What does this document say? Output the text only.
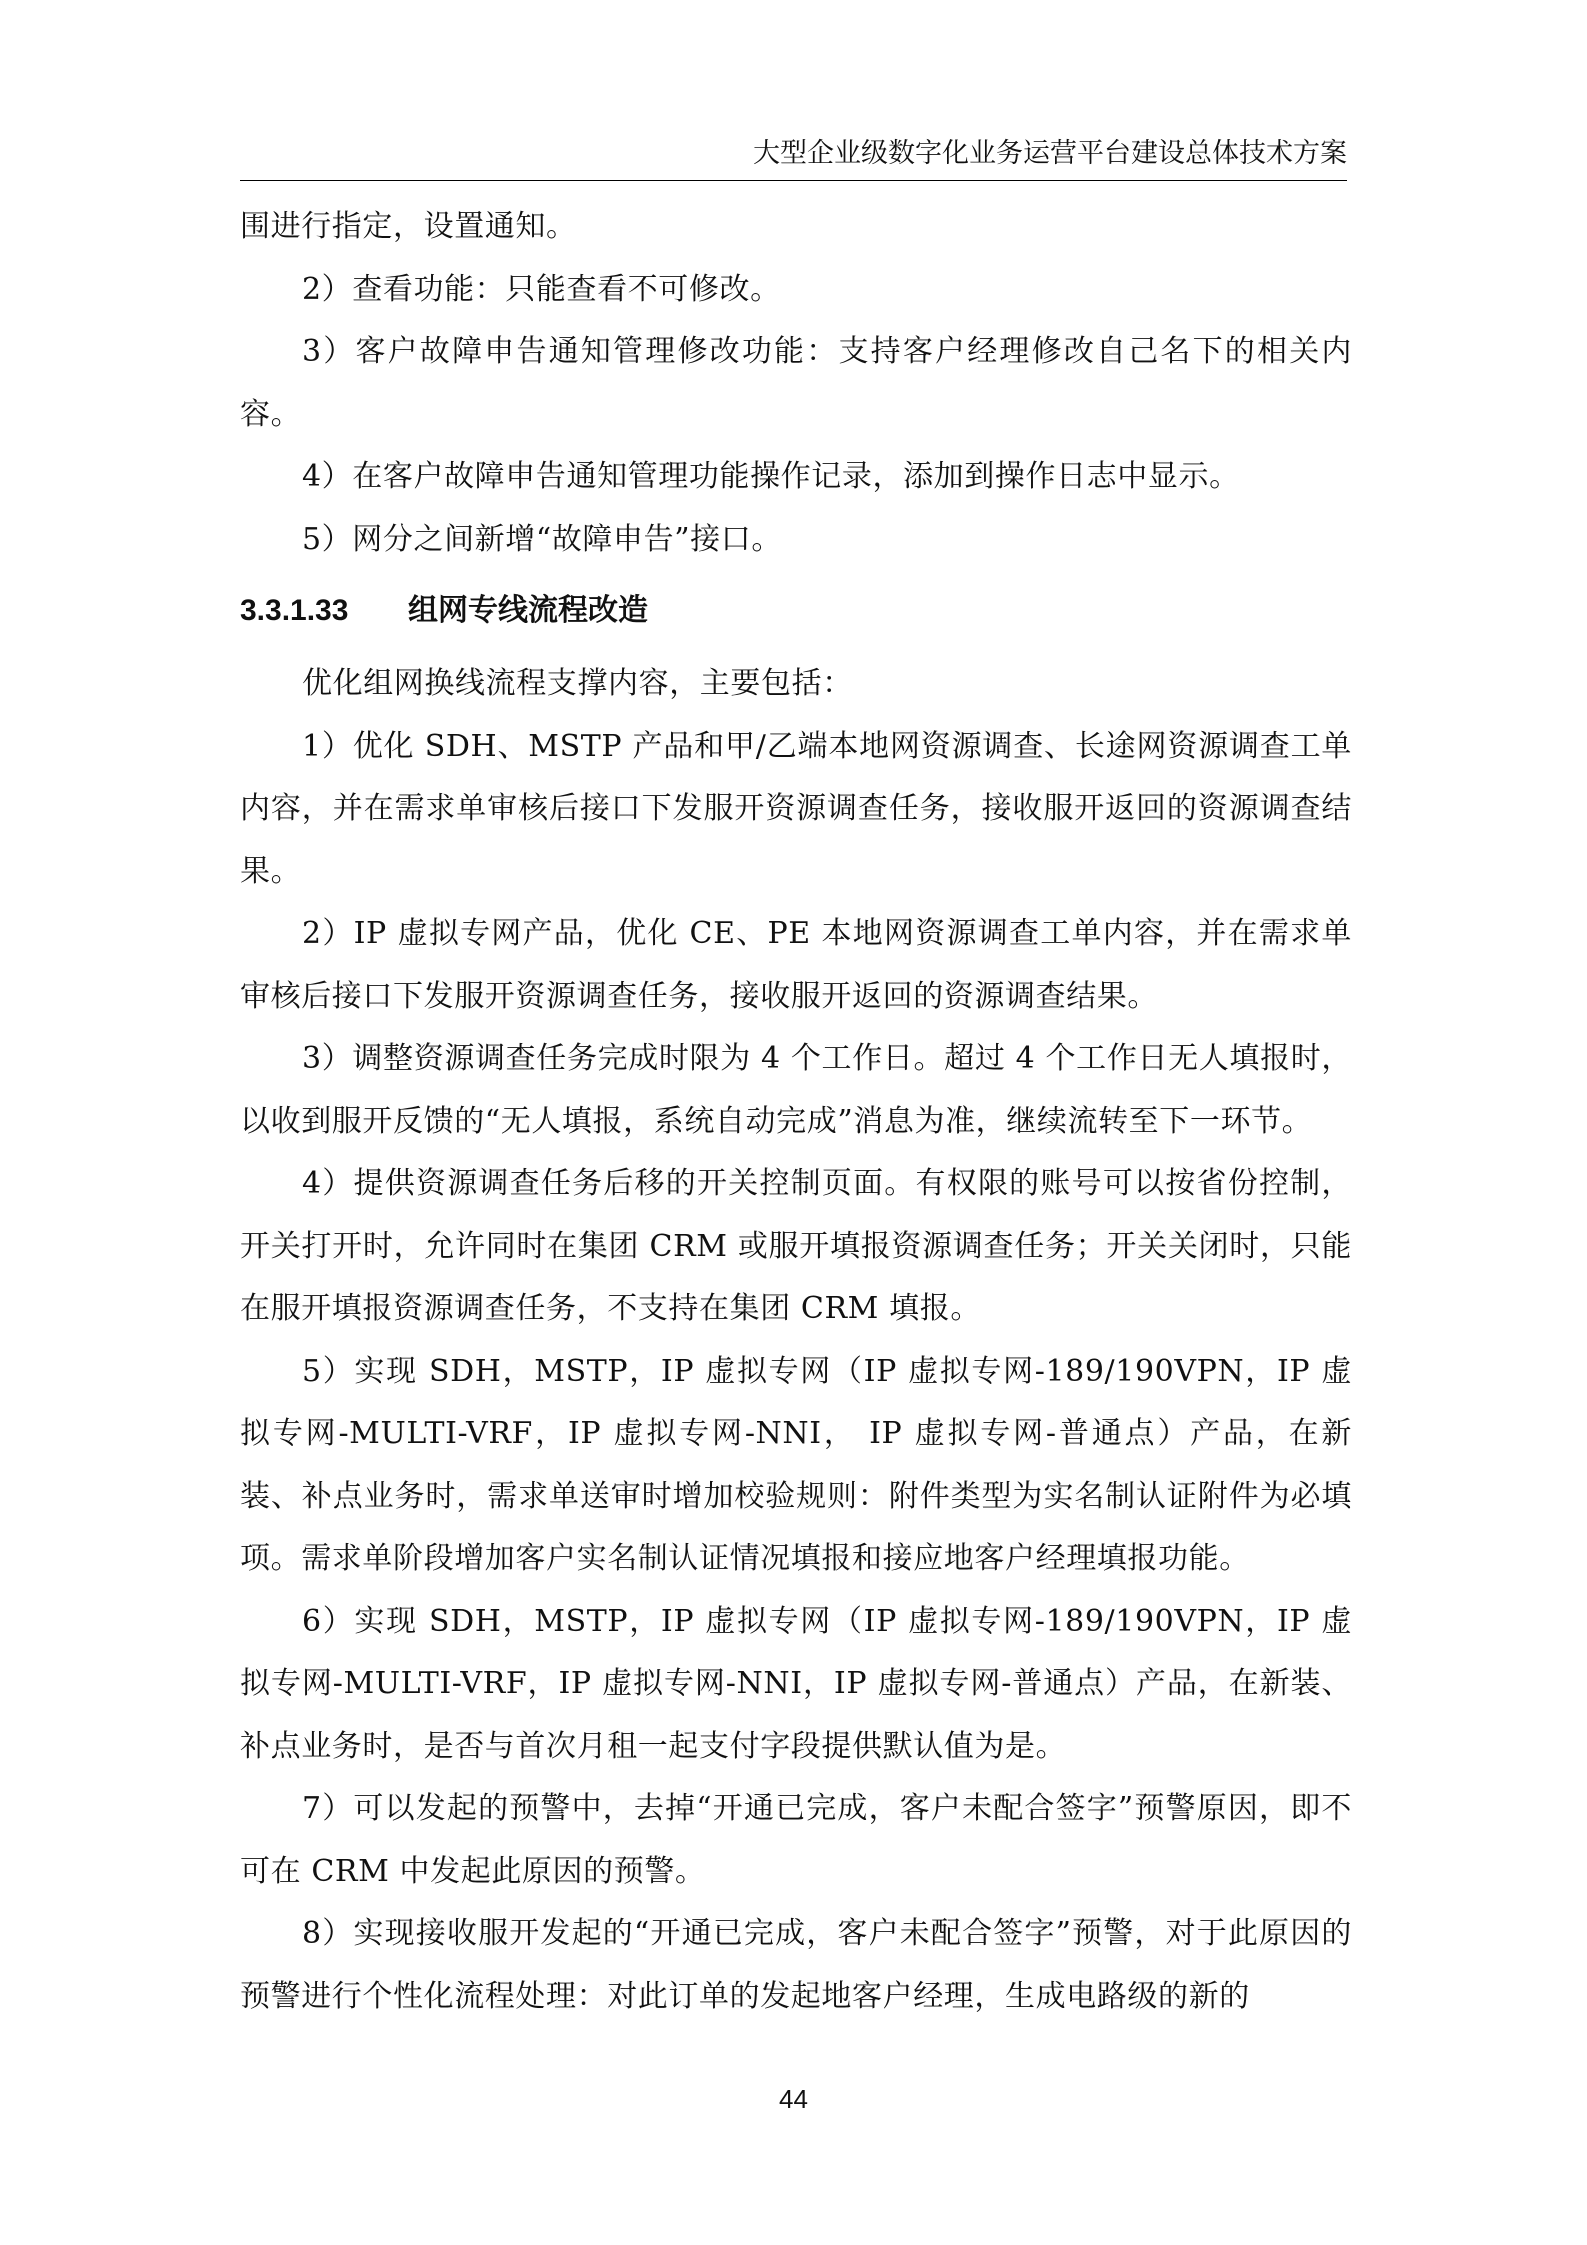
大型企业级数字化业务运营平台建设总体技术方案

围进行指定，设置通知。

2）查看功能：只能查看不可修改。

3）客户故障申告通知管理修改功能：支持客户经理修改自己名下的相关内容。

4）在客户故障申告通知管理功能操作记录，添加到操作日志中显示。

5）网分之间新增“故障申告”接口。

3.3.1.33	组网专线流程改造

优化组网换线流程支撑内容，主要包括：

1）优化 SDH、MSTP 产品和甲/乙端本地网资源调查、长途网资源调查工单内容，并在需求单审核后接口下发服开资源调查任务，接收服开返回的资源调查结果。

2）IP 虚拟专网产品，优化 CE、PE 本地网资源调查工单内容，并在需求单审核后接口下发服开资源调查任务，接收服开返回的资源调查结果。

3）调整资源调查任务完成时限为 4 个工作日。超过 4 个工作日无人填报时，以收到服开反馈的“无人填报，系统自动完成”消息为准，继续流转至下一环节。

4）提供资源调查任务后移的开关控制页面。有权限的账号可以按省份控制，开关打开时，允许同时在集团 CRM 或服开填报资源调查任务；开关关闭时，只能在服开填报资源调查任务，不支持在集团 CRM 填报。

5）实现 SDH，MSTP，IP 虚拟专网（IP 虚拟专网-189/190VPN，IP 虚拟专网-MULTI-VRF，IP 虚拟专网-NNI， IP 虚拟专网-普通点）产品，在新装、补点业务时，需求单送审时增加校验规则：附件类型为实名制认证附件为必填项。需求单阶段增加客户实名制认证情况填报和接应地客户经理填报功能。

6）实现 SDH，MSTP，IP 虚拟专网（IP 虚拟专网-189/190VPN，IP 虚拟专网-MULTI-VRF，IP 虚拟专网-NNI，IP 虚拟专网-普通点）产品，在新装、补点业务时，是否与首次月租一起支付字段提供默认值为是。

7）可以发起的预警中，去掉“开通已完成，客户未配合签字”预警原因，即不可在 CRM 中发起此原因的预警。

8）实现接收服开发起的“开通已完成，客户未配合签字”预警，对于此原因的预警进行个性化流程处理：对此订单的发起地客户经理，生成电路级的新的

44
